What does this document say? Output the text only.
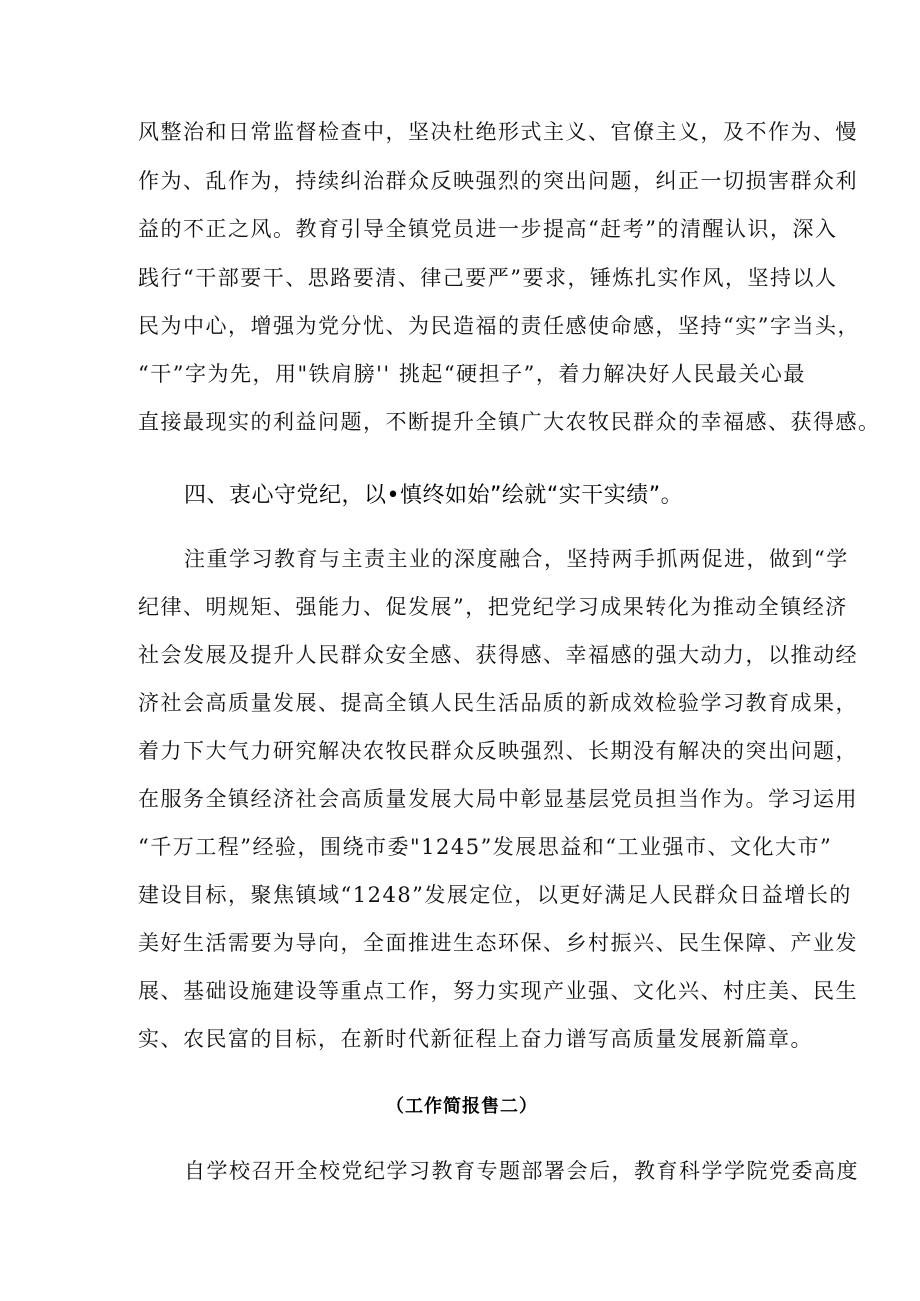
风整治和日常监督检查中，坚决杜绝形式主义、官僚主义，及不作为、慢
作为、乱作为，持续纠治群众反映强烈的突出问题，纠正一切损害群众利
益的不正之风。教育引导全镇党员进一步提高“赶考”的清醒认识，深入
践行“干部要干、思路要清、律己要严”要求，锤炼扎实作风，坚持以人
民为中心，增强为党分忧、为民造福的责任感使命感，坚持“实”字当头，
“干”字为先，用"铁肩膀'' 挑起“硬担子”，着力解决好人民最关心最
直接最现实的利益问题，不断提升全镇广大农牧民群众的幸福感、获得感。
四、衷心守党纪，以•慎终如始”绘就“实干实绩”。
注重学习教育与主责主业的深度融合，坚持两手抓两促进，做到“学
纪律、明规矩、强能力、促发展”，把党纪学习成果转化为推动全镇经济
社会发展及提升人民群众安全感、获得感、幸福感的强大动力，以推动经
济社会高质量发展、提高全镇人民生活品质的新成效检验学习教育成果，
着力下大气力研究解决农牧民群众反映强烈、长期没有解决的突出问题，
在服务全镇经济社会高质量发展大局中彰显基层党员担当作为。学习运用
“千万工程”经验，围绕市委"1245”发展思益和“工业强市、文化大市”
建设目标，聚焦镇域“1248”发展定位，以更好满足人民群众日益增长的
美好生活需要为导向，全面推进生态环保、乡村振兴、民生保障、产业发
展、基础设施建设等重点工作，努力实现产业强、文化兴、村庄美、民生
实、农民富的目标，在新时代新征程上奋力谱写高质量发展新篇章。
（工作简报售二）
自学校召开全校党纪学习教育专题部署会后，教育科学学院党委高度
